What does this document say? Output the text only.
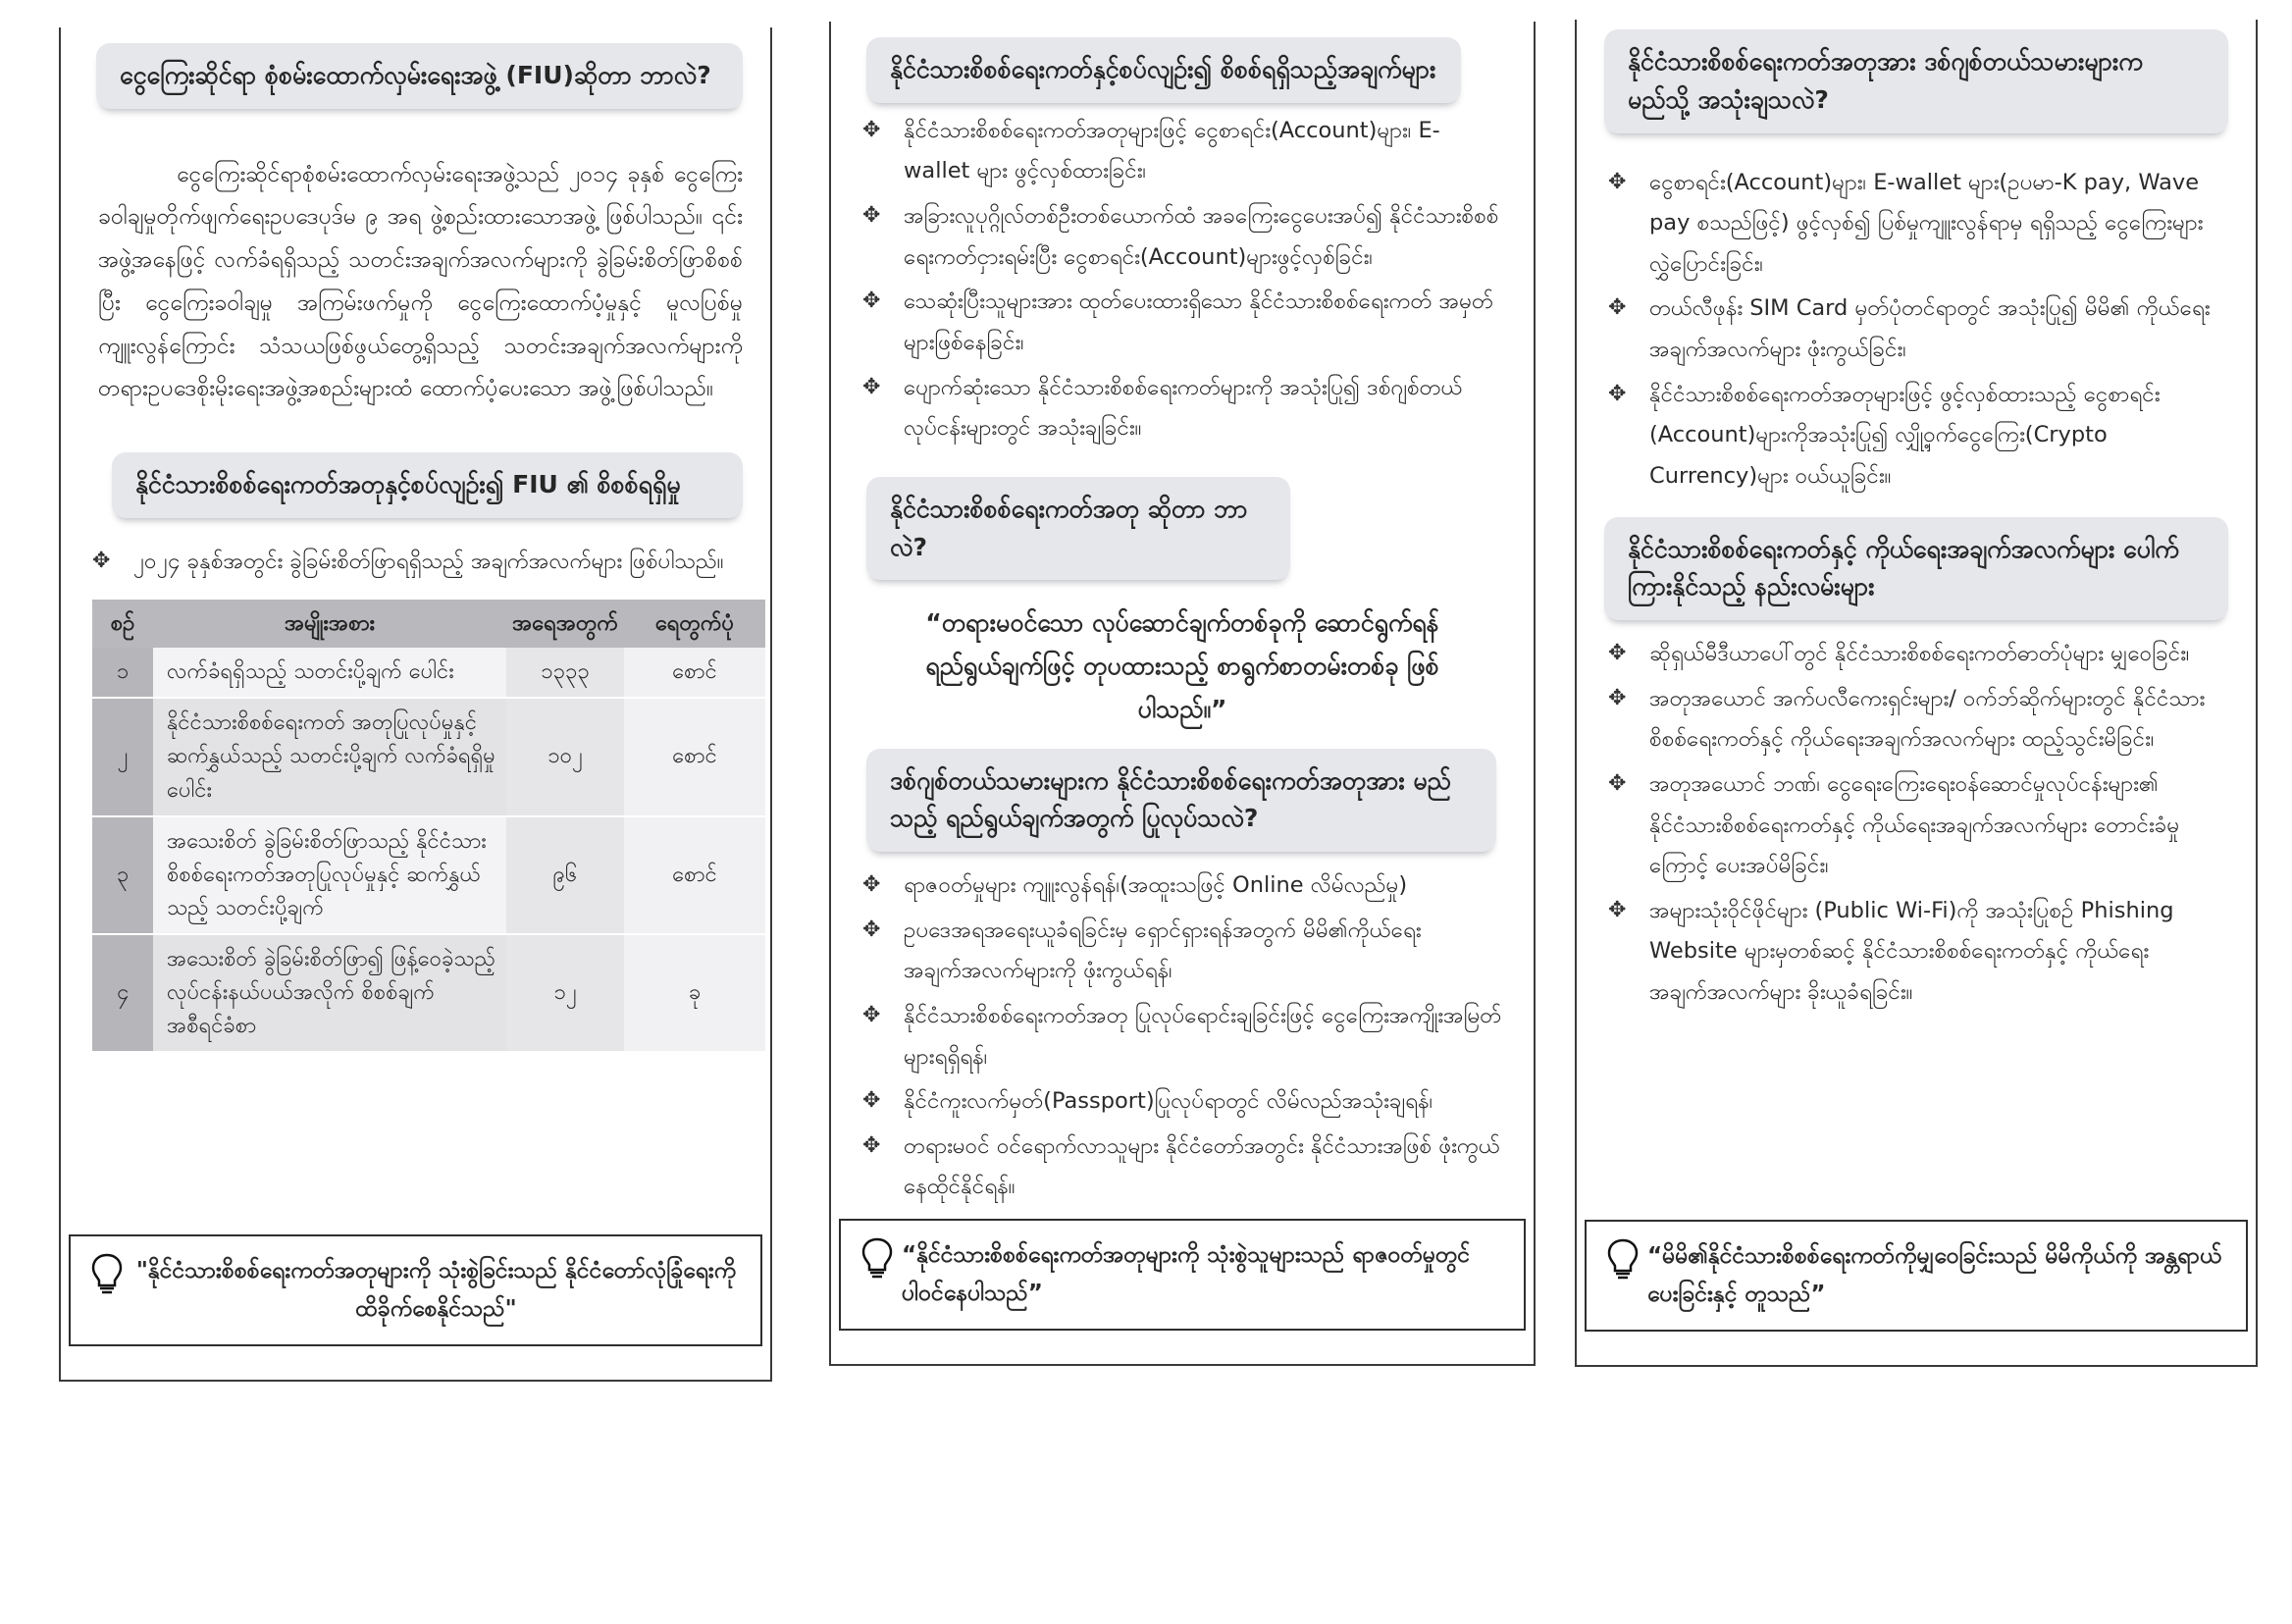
ငွေကြေးဆိုင်ရာ စုံစမ်းထောက်လှမ်းရေးအဖွဲ့ (FIU)ဆိုတာ ဘာလဲ?

ငွေကြေးဆိုင်ရာစုံစမ်းထောက်လှမ်းရေးအဖွဲ့သည် ၂၀၁၄ ခုနှစ် ငွေကြေးခဝါချမှုတိုက်ဖျက်ရေးဥပဒေပုဒ်မ ၉ အရ ဖွဲ့စည်းထားသောအဖွဲ့ ဖြစ်ပါသည်။ ၎င်းအဖွဲ့အနေဖြင့် လက်ခံရရှိသည့် သတင်းအချက်အလက်များကို ခွဲခြမ်းစိတ်ဖြာစိစစ်ပြီး ငွေကြေးခဝါချမှု အကြမ်းဖက်မှုကို ငွေကြေးထောက်ပံ့မှုနှင့် မူလပြစ်မှုကျူးလွန်ကြောင်း သံသယဖြစ်ဖွယ်တွေ့ရှိသည့် သတင်းအချက်အလက်များကို တရားဥပဒေစိုးမိုးရေးအဖွဲ့အစည်းများထံ ထောက်ပံ့ပေးသော အဖွဲ့ဖြစ်ပါသည်။

နိုင်ငံသားစိစစ်ရေးကတ်အတုနှင့်စပ်လျဉ်း၍ FIU ၏ စိစစ်ရရှိမှု
✥ ၂၀၂၄ ခုနှစ်အတွင်း ခွဲခြမ်းစိတ်ဖြာရရှိသည့် အချက်အလက်များ ဖြစ်ပါသည်။
စဉ်	အမျိုးအစား	အရေအတွက်	ရေတွက်ပုံ
၁	လက်ခံရရှိသည့် သတင်းပို့ချက် ပေါင်း	၁၃၃၃	စောင်
၂	နိုင်ငံသားစိစစ်ရေးကတ် အတုပြုလုပ်မှုနှင့်ဆက်နွှယ်သည့် သတင်းပို့ချက် လက်ခံရရှိမှုပေါင်း	၁၀၂	စောင်
၃	အသေးစိတ် ခွဲခြမ်းစိတ်ဖြာသည့် နိုင်ငံသားစိစစ်ရေးကတ်အတုပြုလုပ်မှုနှင့် ဆက်နွှယ်သည့် သတင်းပို့ချက်	၉၆	စောင်
၄	အသေးစိတ် ခွဲခြမ်းစိတ်ဖြာ၍ ဖြန့်ဝေခဲ့သည့် လုပ်ငန်းနယ်ပယ်အလိုက် စိစစ်ချက်အစီရင်ခံစာ	၁၂	ခု
"နိုင်ငံသားစိစစ်ရေးကတ်အတုများကို သုံးစွဲခြင်းသည် နိုင်ငံတော်လုံခြုံရေးကို ထိခိုက်စေနိုင်သည်"
နိုင်ငံသားစိစစ်ရေးကတ်နှင့်စပ်လျဉ်း၍ စိစစ်ရရှိသည့်အချက်များ
✥ နိုင်ငံသားစိစစ်ရေးကတ်အတုများဖြင့် ငွေစာရင်း(Account)များ၊ E-wallet များ ဖွင့်လှစ်ထားခြင်း၊
✥ အခြားလူပုဂ္ဂိုလ်တစ်ဦးတစ်ယောက်ထံ အခကြေးငွေပေးအပ်၍ နိုင်ငံသားစိစစ်ရေးကတ်ငှားရမ်းပြီး ငွေစာရင်း(Account)များဖွင့်လှစ်ခြင်း၊
✥ သေဆုံးပြီးသူများအား ထုတ်ပေးထားရှိသော နိုင်ငံသားစိစစ်ရေးကတ် အမှတ်များဖြစ်နေခြင်း၊
✥ ပျောက်ဆုံးသော နိုင်ငံသားစိစစ်ရေးကတ်များကို အသုံးပြု၍ ဒစ်ဂျစ်တယ် လုပ်ငန်းများတွင် အသုံးချခြင်း။
နိုင်ငံသားစိစစ်ရေးကတ်အတု ဆိုတာ ဘာလဲ?
“တရားမဝင်သော လုပ်ဆောင်ချက်တစ်ခုကို ဆောင်ရွက်ရန် ရည်ရွယ်ချက်ဖြင့် တုပထားသည့် စာရွက်စာတမ်းတစ်ခု ဖြစ်ပါသည်။”
ဒစ်ဂျစ်တယ်သမားများက နိုင်ငံသားစိစစ်ရေးကတ်အတုအား မည်သည့် ရည်ရွယ်ချက်အတွက် ပြုလုပ်သလဲ?
✥ ရာဇဝတ်မှုများ ကျူးလွန်ရန်၊(အထူးသဖြင့် Online လိမ်လည်မှု)
✥ ဥပဒေအရအရေးယူခံရခြင်းမှ ရှောင်ရှားရန်အတွက် မိမိ၏ကိုယ်ရေးအချက်အလက်များကို ဖုံးကွယ်ရန်၊
✥ နိုင်ငံသားစိစစ်ရေးကတ်အတု ပြုလုပ်ရောင်းချခြင်းဖြင့် ငွေကြေးအကျိုးအမြတ်များရရှိရန်၊
✥ နိုင်ငံကူးလက်မှတ်(Passport)ပြုလုပ်ရာတွင် လိမ်လည်အသုံးချရန်၊
✥ တရားမဝင် ဝင်ရောက်လာသူများ နိုင်ငံတော်အတွင်း နိုင်ငံသားအဖြစ် ဖုံးကွယ်နေထိုင်နိုင်ရန်။
“နိုင်ငံသားစိစစ်ရေးကတ်အတုများကို သုံးစွဲသူများသည် ရာဇဝတ်မှုတွင် ပါဝင်နေပါသည်”
နိုင်ငံသားစိစစ်ရေးကတ်အတုအား ဒစ်ဂျစ်တယ်သမားများက မည်သို့ အသုံးချသလဲ?
✥ ငွေစာရင်း(Account)များ၊ E-wallet များ(ဥပမာ-K pay, Wave pay စသည်ဖြင့်) ဖွင့်လှစ်၍ ပြစ်မှုကျူးလွန်ရာမှ ရရှိသည့် ငွေကြေးများ လွှဲပြောင်းခြင်း၊
✥ တယ်လီဖုန်း SIM Card မှတ်ပုံတင်ရာတွင် အသုံးပြု၍ မိမိ၏ ကိုယ်ရေးအချက်အလက်များ ဖုံးကွယ်ခြင်း၊
✥ နိုင်ငံသားစိစစ်ရေးကတ်အတုများဖြင့် ဖွင့်လှစ်ထားသည့် ငွေစာရင်း (Account)များကိုအသုံးပြု၍ လျှို့ဝှက်ငွေကြေး(Crypto Currency)များ ဝယ်ယူခြင်း။
နိုင်ငံသားစိစစ်ရေးကတ်နှင့် ကိုယ်ရေးအချက်အလက်များ ပေါက်ကြားနိုင်သည့် နည်းလမ်းများ
✥ ဆိုရှယ်မီဒီယာပေါ်တွင် နိုင်ငံသားစိစစ်ရေးကတ်ဓာတ်ပုံများ မျှဝေခြင်း၊
✥ အတုအယောင် အက်ပလီကေးရှင်းများ/ ဝက်ဘ်ဆိုက်များတွင် နိုင်ငံသားစိစစ်ရေးကတ်နှင့် ကိုယ်ရေးအချက်အလက်များ ထည့်သွင်းမိခြင်း၊
✥ အတုအယောင် ဘဏ်၊ ငွေရေးကြေးရေးဝန်ဆောင်မှုလုပ်ငန်းများ၏ နိုင်ငံသားစိစစ်ရေးကတ်နှင့် ကိုယ်ရေးအချက်အလက်များ တောင်းခံမှုကြောင့် ပေးအပ်မိခြင်း၊
✥ အများသုံးဝိုင်ဖိုင်များ (Public Wi-Fi)ကို အသုံးပြုစဉ် Phishing Website များမှတစ်ဆင့် နိုင်ငံသားစိစစ်ရေးကတ်နှင့် ကိုယ်ရေးအချက်အလက်များ ခိုးယူခံရခြင်း။
“မိမိ၏နိုင်ငံသားစိစစ်ရေးကတ်ကိုမျှဝေခြင်းသည် မိမိကိုယ်ကို အန္တရာယ်ပေးခြင်းနှင့် တူသည်”
